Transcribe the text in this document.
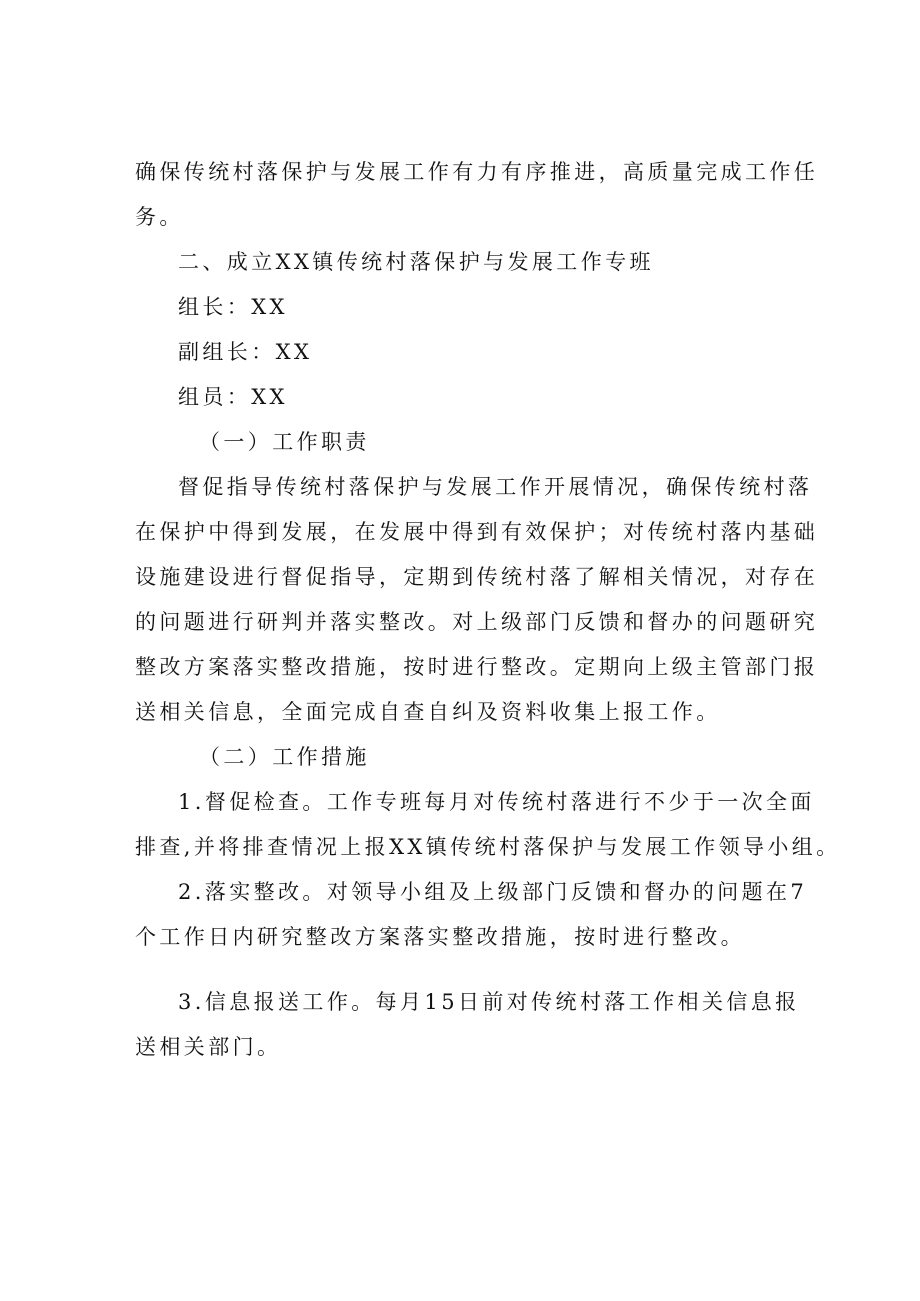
确保传统村落保护与发展工作有力有序推进，高质量完成工作任
务。
二、成立XX镇传统村落保护与发展工作专班
组长：XX
副组长：XX
组员：XX
（一）工作职责
督促指导传统村落保护与发展工作开展情况，确保传统村落
在保护中得到发展，在发展中得到有效保护；对传统村落内基础
设施建设进行督促指导，定期到传统村落了解相关情况，对存在
的问题进行研判并落实整改。对上级部门反馈和督办的问题研究
整改方案落实整改措施，按时进行整改。定期向上级主管部门报
送相关信息，全面完成自查自纠及资料收集上报工作。
（二）工作措施
1.督促检查。工作专班每月对传统村落进行不少于一次全面
排查,并将排查情况上报XX镇传统村落保护与发展工作领导小组。
2.落实整改。对领导小组及上级部门反馈和督办的问题在7
个工作日内研究整改方案落实整改措施，按时进行整改。
3.信息报送工作。每月15日前对传统村落工作相关信息报
送相关部门。
